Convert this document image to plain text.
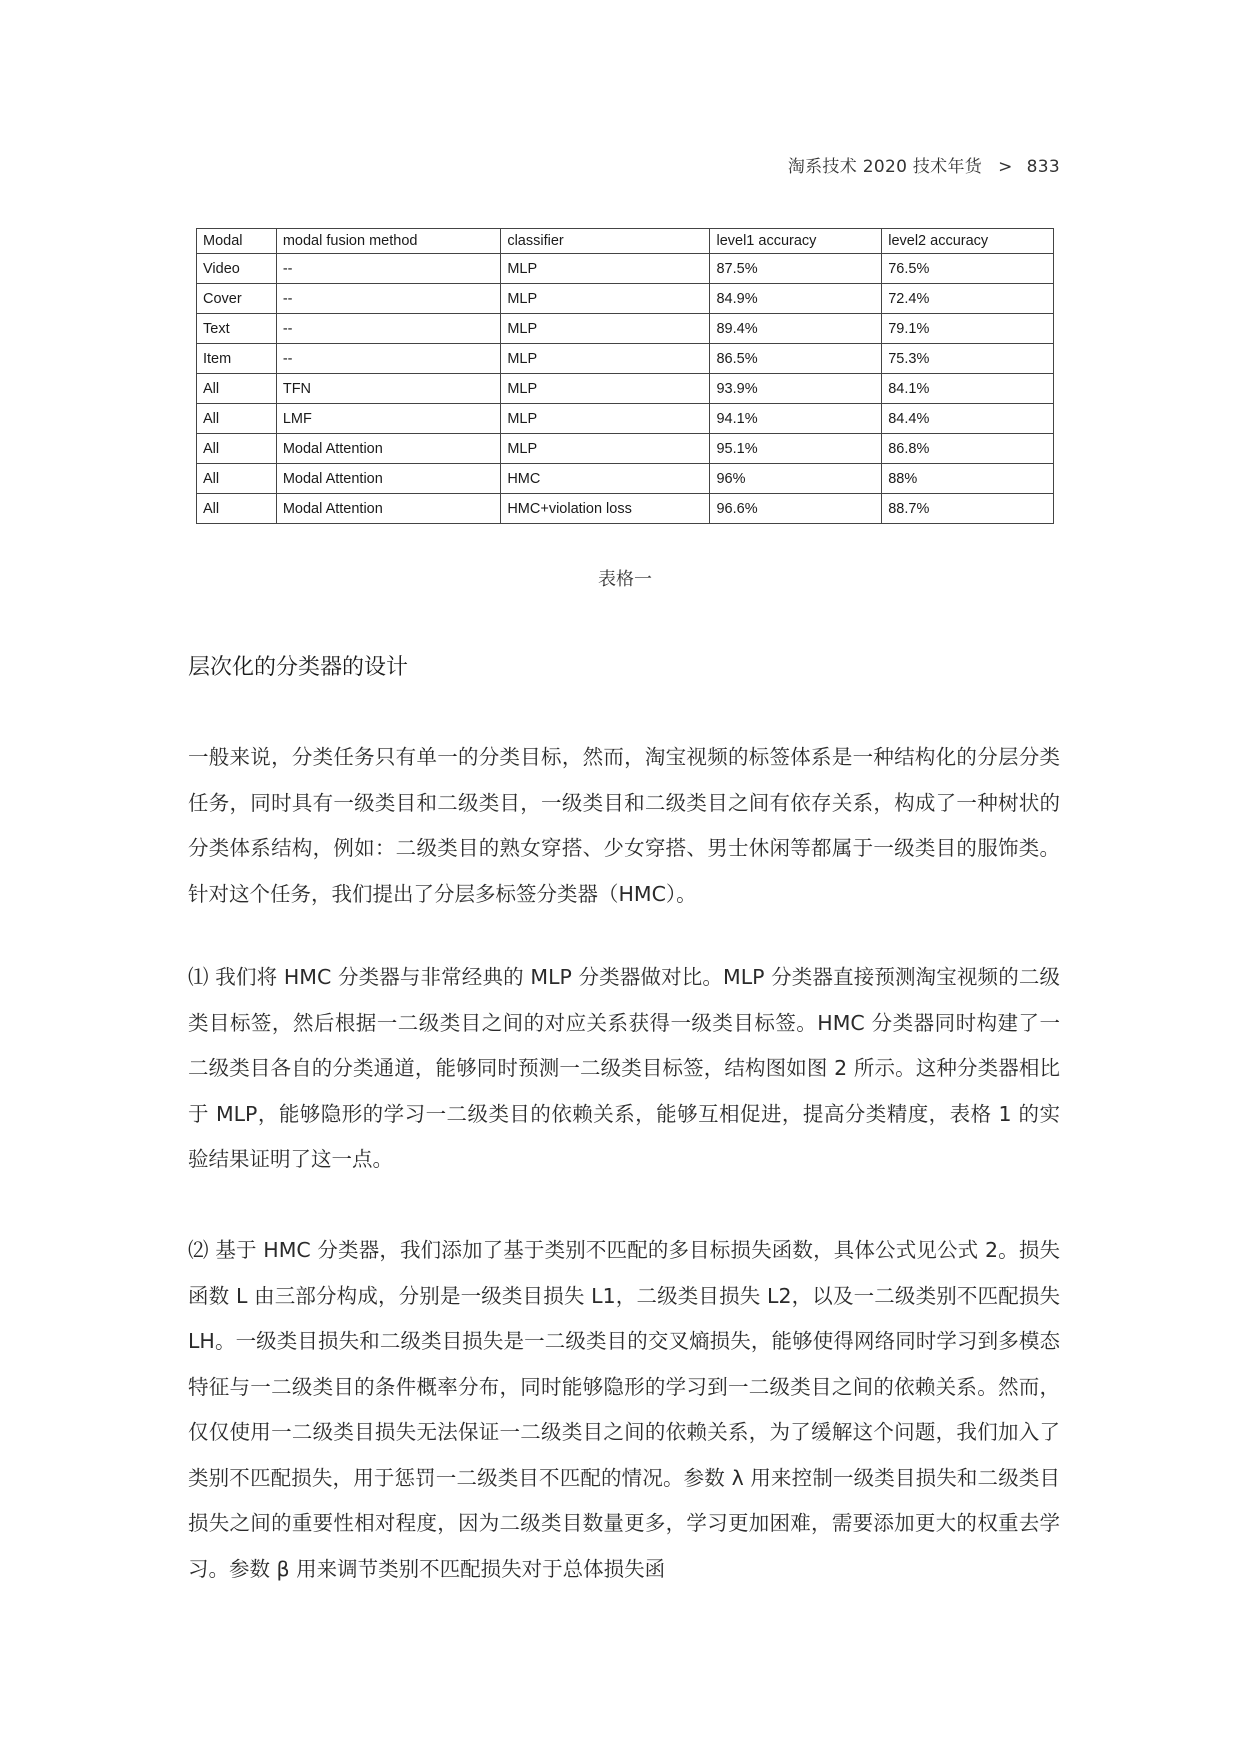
淘系技术 2020 技术年货 > 833
Modal	modal fusion method	classifier	level1 accuracy	level2 accuracy
Video	--	MLP	87.5%	76.5%
Cover	--	MLP	84.9%	72.4%
Text	--	MLP	89.4%	79.1%
Item	--	MLP	86.5%	75.3%
All	TFN	MLP	93.9%	84.1%
All	LMF	MLP	94.1%	84.4%
All	Modal Attention	MLP	95.1%	86.8%
All	Modal Attention	HMC	96%	88%
All	Modal Attention	HMC+violation loss	96.6%	88.7%
表格一
层次化的分类器的设计

一般来说，分类任务只有单一的分类目标，然而，淘宝视频的标签体系是一种结构化的分层分类任务，同时具有一级类目和二级类目，一级类目和二级类目之间有依存关系，构成了一种树状的分类体系结构，例如：二级类目的熟女穿搭、少女穿搭、男士休闲等都属于一级类目的服饰类。针对这个任务，我们提出了分层多标签分类器（HMC）。

⑴ 我们将 HMC 分类器与非常经典的 MLP 分类器做对比。MLP 分类器直接预测淘宝视频的二级类目标签，然后根据一二级类目之间的对应关系获得一级类目标签。HMC 分类器同时构建了一二级类目各自的分类通道，能够同时预测一二级类目标签，结构图如图 2 所示。这种分类器相比于 MLP，能够隐形的学习一二级类目的依赖关系，能够互相促进，提高分类精度，表格 1 的实验结果证明了这一点。

⑵ 基于 HMC 分类器，我们添加了基于类别不匹配的多目标损失函数，具体公式见公式 2。损失函数 L 由三部分构成，分别是一级类目损失 L1，二级类目损失 L2，以及一二级类别不匹配损失 LH。一级类目损失和二级类目损失是一二级类目的交叉熵损失，能够使得网络同时学习到多模态特征与一二级类目的条件概率分布，同时能够隐形的学习到一二级类目之间的依赖关系。然而，仅仅使用一二级类目损失无法保证一二级类目之间的依赖关系，为了缓解这个问题，我们加入了类别不匹配损失，用于惩罚一二级类目不匹配的情况。参数 λ 用来控制一级类目损失和二级类目损失之间的重要性相对程度，因为二级类目数量更多，学习更加困难，需要添加更大的权重去学习。参数 β 用来调节类别不匹配损失对于总体损失函
